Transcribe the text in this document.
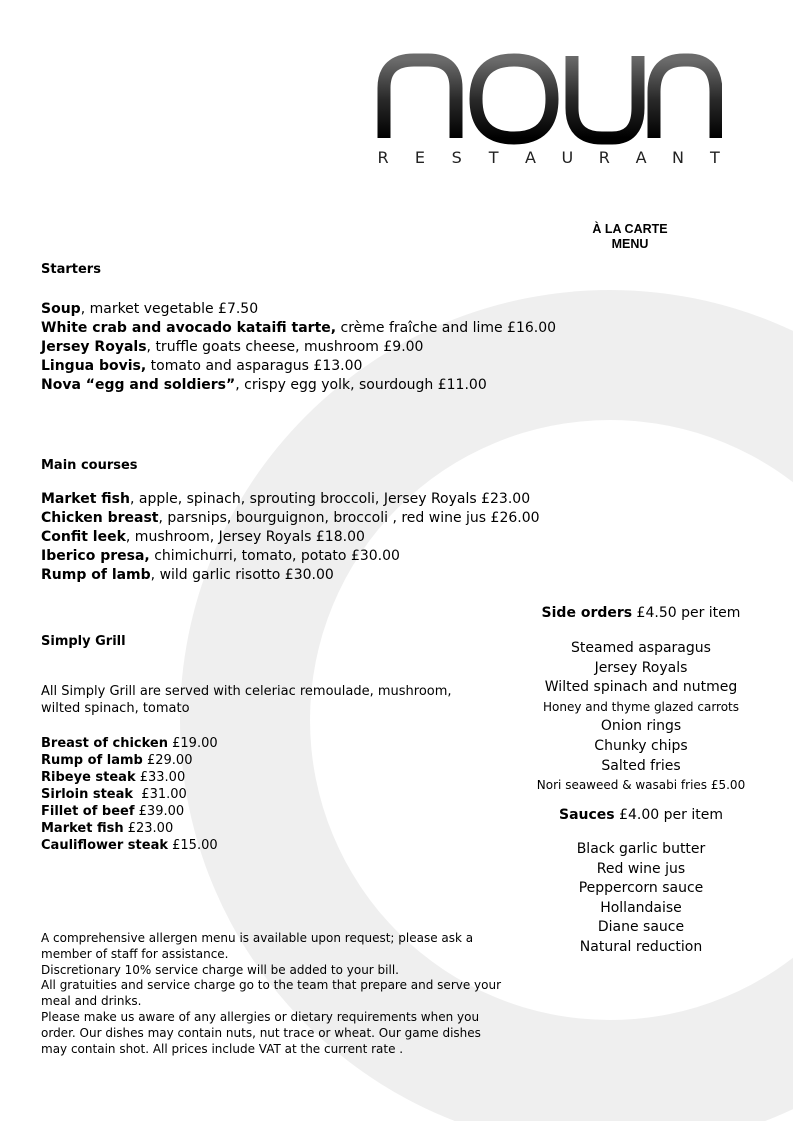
R E S T A U R A N T
À LA CARTE
MENU
Starters
Soup, market vegetable £7.50
White crab and avocado kataifi tarte, crème fraîche and lime £16.00
Jersey Royals, truffle goats cheese, mushroom £9.00
Lingua bovis, tomato and asparagus £13.00
Nova “egg and soldiers”, crispy egg yolk, sourdough £11.00
Main courses
Market fish, apple, spinach, sprouting broccoli, Jersey Royals £23.00
Chicken breast, parsnips, bourguignon, broccoli , red wine jus £26.00
Confit leek, mushroom, Jersey Royals £18.00
Iberico presa, chimichurri, tomato, potato £30.00
Rump of lamb, wild garlic risotto £30.00
Simply Grill
All Simply Grill are served with celeriac remoulade, mushroom,
wilted spinach, tomato
Breast of chicken £19.00
Rump of lamb £29.00
Ribeye steak £33.00
Sirloin steak  £31.00
Fillet of beef £39.00
Market fish £23.00
Cauliflower steak £15.00
A comprehensive allergen menu is available upon request; please ask a
member of staff for assistance.
Discretionary 10% service charge will be added to your bill.
All gratuities and service charge go to the team that prepare and serve your
meal and drinks.
Please make us aware of any allergies or dietary requirements when you
order. Our dishes may contain nuts, nut trace or wheat. Our game dishes
may contain shot. All prices include VAT at the current rate .
Side orders £4.50 per item
Steamed asparagus
Jersey Royals
Wilted spinach and nutmeg
Honey and thyme glazed carrots
Onion rings
Chunky chips
Salted fries
Nori seaweed & wasabi fries £5.00
Sauces £4.00 per item
Black garlic butter
Red wine jus
Peppercorn sauce
Hollandaise
Diane sauce
Natural reduction
